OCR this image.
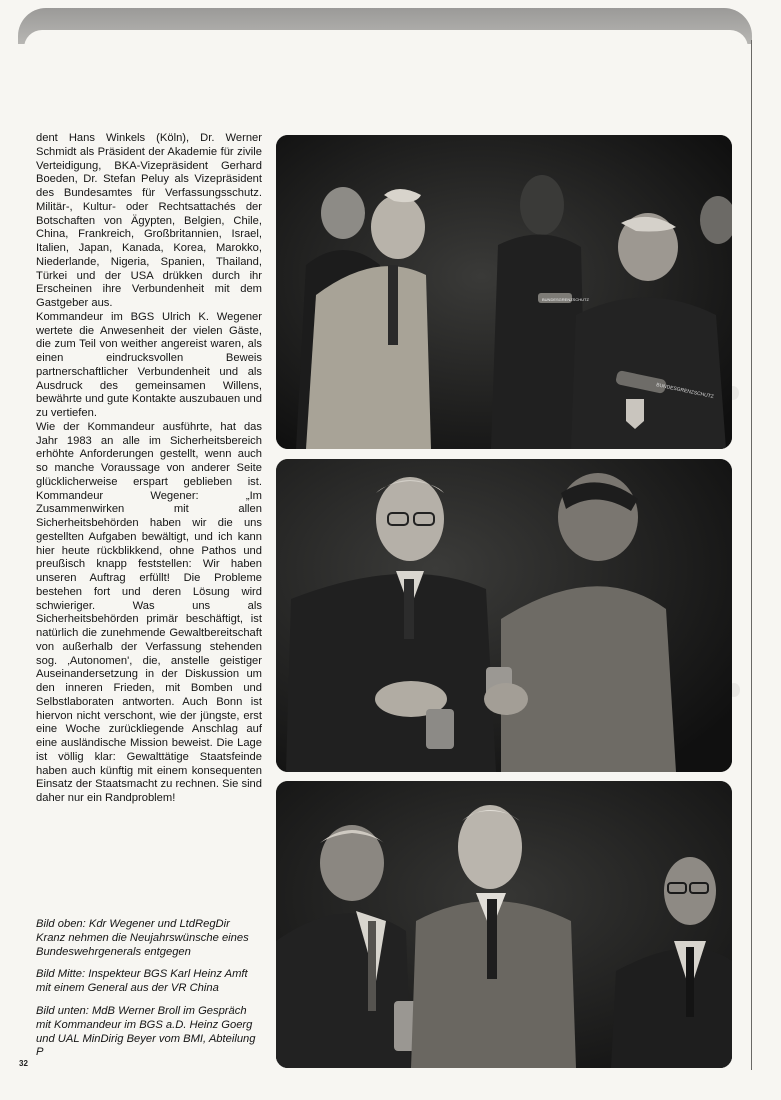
dent Hans Winkels (Köln), Dr. Werner Schmidt als Präsident der Akademie für zivile Verteidigung, BKA-Vizepräsident Gerhard Boeden, Dr. Stefan Peluy als Vizepräsident des Bundesamtes für Verfassungsschutz. Militär-, Kultur- oder Rechtsattachés der Botschaften von Ägypten, Belgien, Chile, China, Frankreich, Großbritannien, Israel, Italien, Japan, Kanada, Korea, Marokko, Niederlande, Nigeria, Spanien, Thailand, Türkei und der USA drükken durch ihr Erscheinen ihre Verbundenheit mit dem Gastgeber aus.

Kommandeur im BGS Ulrich K. Wegener wertete die Anwesenheit der vielen Gäste, die zum Teil von weither angereist waren, als einen eindrucksvollen Beweis partnerschaftlicher Verbundenheit und als Ausdruck des gemeinsamen Willens, bewährte und gute Kontakte auszubauen und zu vertiefen.

Wie der Kommandeur ausführte, hat das Jahr 1983 an alle im Sicherheitsbereich erhöhte Anforderungen gestellt, wenn auch so manche Voraussage von anderer Seite glücklicherweise erspart geblieben ist. Kommandeur Wegener: „Im Zusammenwirken mit allen Sicherheitsbehörden haben wir die uns gestellten Aufgaben bewältigt, und ich kann hier heute rückblikkend, ohne Pathos und preußisch knapp feststellen: Wir haben unseren Auftrag erfüllt! Die Probleme bestehen fort und deren Lösung wird schwieriger. Was uns als Sicherheitsbehörden primär beschäftigt, ist natürlich die zunehmende Gewaltbereitschaft von außerhalb der Verfassung stehenden sog. ‚Autonomen', die, anstelle geistiger Auseinandersetzung in der Diskussion um den inneren Frieden, mit Bomben und Selbstlaboraten antworten. Auch Bonn ist hiervon nicht verschont, wie der jüngste, erst eine Woche zurückliegende Anschlag auf eine ausländische Mission beweist. Die Lage ist völlig klar: Gewalttätige Staatsfeinde haben auch künftig mit einem konsequenten Einsatz der Staatsmacht zu rechnen. Sie sind daher nur ein Randproblem!

Bild oben: Kdr Wegener und LtdRegDir Kranz nehmen die Neujahrswünsche eines Bundeswehrgenerals entgegen

Bild Mitte: Inspekteur BGS Karl Heinz Amft mit einem General aus der VR China

Bild unten: MdB Werner Broll im Gespräch mit Kommandeur im BGS a.D. Heinz Goerg und UAL MinDirig Beyer vom BMI, Abteilung P

32
BUNDESGRENZSCHUTZ
BUNDESGRENZSCHUTZ
